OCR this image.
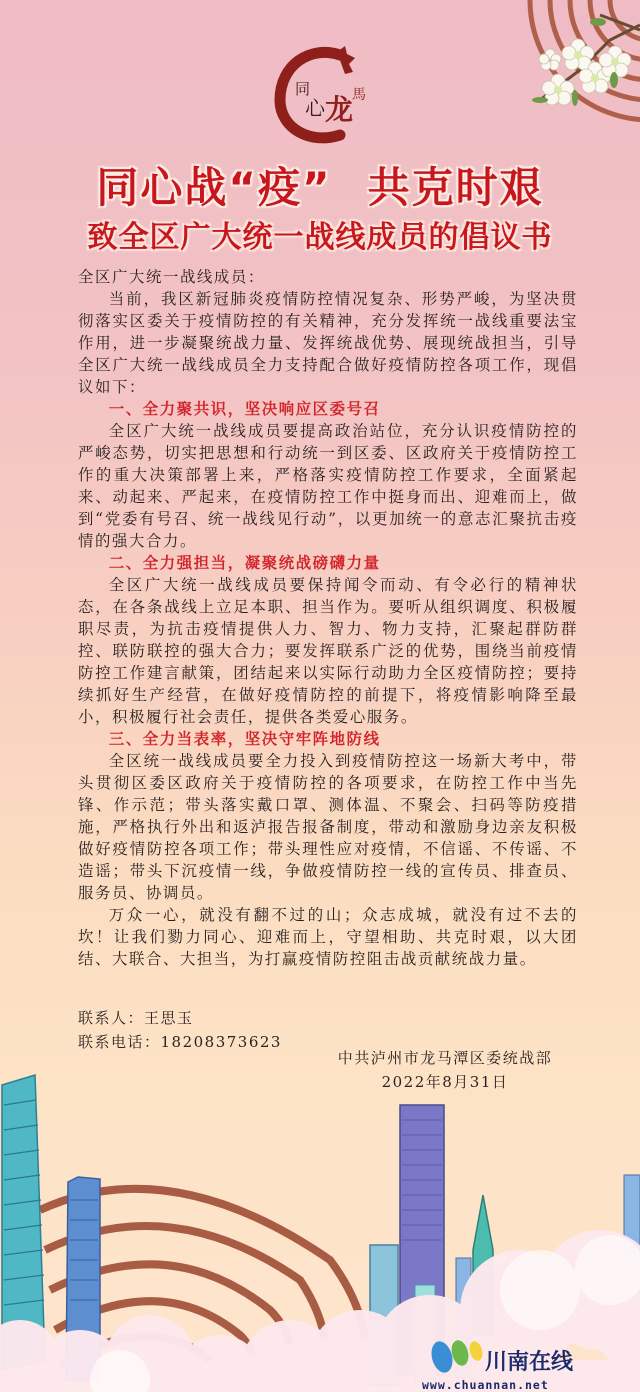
同
心 龙
馬
同心战“疫” 共克时艰
致全区广大统一战线成员的倡议书

全区广大统一战线成员：

当前，我区新冠肺炎疫情防控情况复杂、形势严峻，为坚决贯彻落实区委关于疫情防控的有关精神，充分发挥统一战线重要法宝作用，进一步凝聚统战力量、发挥统战优势、展现统战担当，引导全区广大统一战线成员全力支持配合做好疫情防控各项工作，现倡议如下：

一、全力聚共识，坚决响应区委号召

全区广大统一战线成员要提高政治站位，充分认识疫情防控的严峻态势，切实把思想和行动统一到区委、区政府关于疫情防控工作的重大决策部署上来，严格落实疫情防控工作要求，全面紧起来、动起来、严起来，在疫情防控工作中挺身而出、迎难而上，做到“党委有号召、统一战线见行动”，以更加统一的意志汇聚抗击疫情的强大合力。

二、全力强担当，凝聚统战磅礴力量

全区广大统一战线成员要保持闻令而动、有令必行的精神状态，在各条战线上立足本职、担当作为。要听从组织调度、积极履职尽责，为抗击疫情提供人力、智力、物力支持，汇聚起群防群控、联防联控的强大合力；要发挥联系广泛的优势，围绕当前疫情防控工作建言献策，团结起来以实际行动助力全区疫情防控；要持续抓好生产经营，在做好疫情防控的前提下，将疫情影响降至最小，积极履行社会责任，提供各类爱心服务。

三、全力当表率，坚决守牢阵地防线

全区统一战线成员要全力投入到疫情防控这一场新大考中，带头贯彻区委区政府关于疫情防控的各项要求，在防控工作中当先锋、作示范；带头落实戴口罩、测体温、不聚会、扫码等防疫措施，严格执行外出和返泸报告报备制度，带动和激励身边亲友积极做好疫情防控各项工作；带头理性应对疫情，不信谣、不传谣、不造谣；带头下沉疫情一线，争做疫情防控一线的宣传员、排查员、服务员、协调员。

万众一心，就没有翻不过的山；众志成城，就没有过不去的坎！让我们勠力同心、迎难而上，守望相助、共克时艰，以大团结、大联合、大担当，为打赢疫情防控阻击战贡献统战力量。

联系人：王思玉
联系电话：18208373623
中共泸州市龙马潭区委统战部
2022年8月31日
川南在线
www.chuannan.net
